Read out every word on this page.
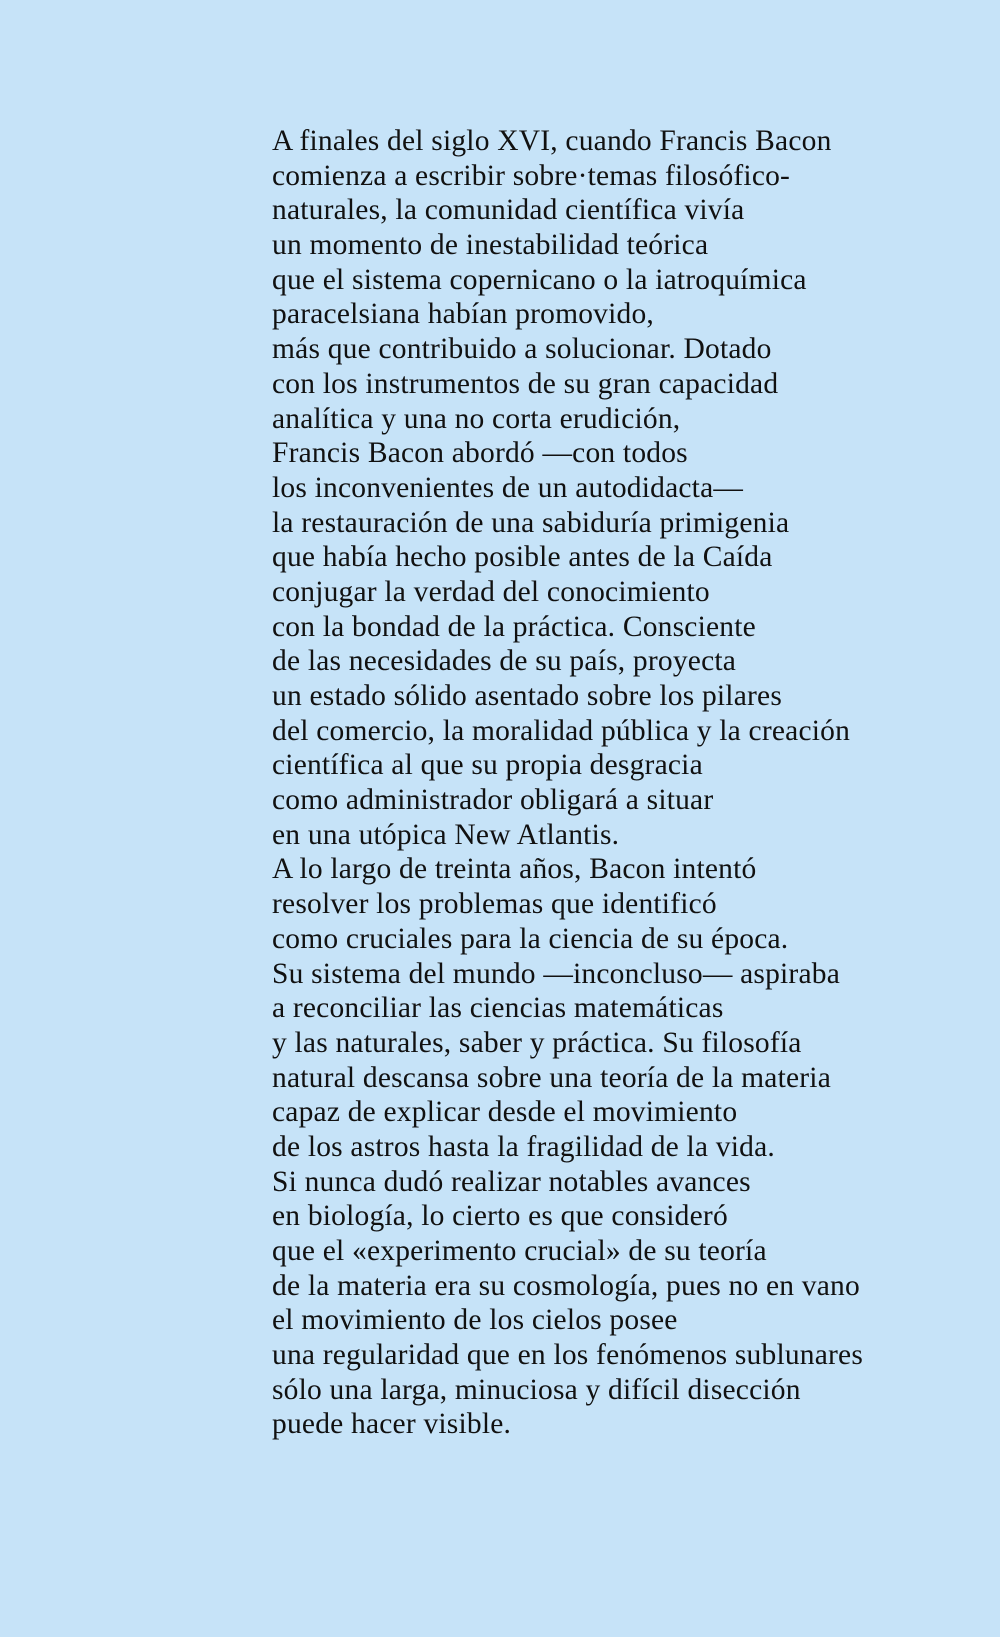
A finales del siglo XVI, cuando Francis Bacon
comienza a escribir sobre·temas filosófico-
naturales, la comunidad científica vivía
un momento de inestabilidad teórica
que el sistema copernicano o la iatroquímica
paracelsiana habían promovido,
más que contribuido a solucionar. Dotado
con los instrumentos de su gran capacidad
analítica y una no corta erudición,
Francis Bacon abordó —con todos
los inconvenientes de un autodidacta—
la restauración de una sabiduría primigenia
que había hecho posible antes de la Caída
conjugar la verdad del conocimiento
con la bondad de la práctica. Consciente
de las necesidades de su país, proyecta
un estado sólido asentado sobre los pilares
del comercio, la moralidad pública y la creación
científica al que su propia desgracia
como administrador obligará a situar
en una utópica New Atlantis.
A lo largo de treinta años, Bacon intentó
resolver los problemas que identificó
como cruciales para la ciencia de su época.
Su sistema del mundo —inconcluso— aspiraba
a reconciliar las ciencias matemáticas
y las naturales, saber y práctica. Su filosofía
natural descansa sobre una teoría de la materia
capaz de explicar desde el movimiento
de los astros hasta la fragilidad de la vida.
Si nunca dudó realizar notables avances
en biología, lo cierto es que consideró
que el «experimento crucial» de su teoría
de la materia era su cosmología, pues no en vano
el movimiento de los cielos posee
una regularidad que en los fenómenos sublunares
sólo una larga, minuciosa y difícil disección
puede hacer visible.
